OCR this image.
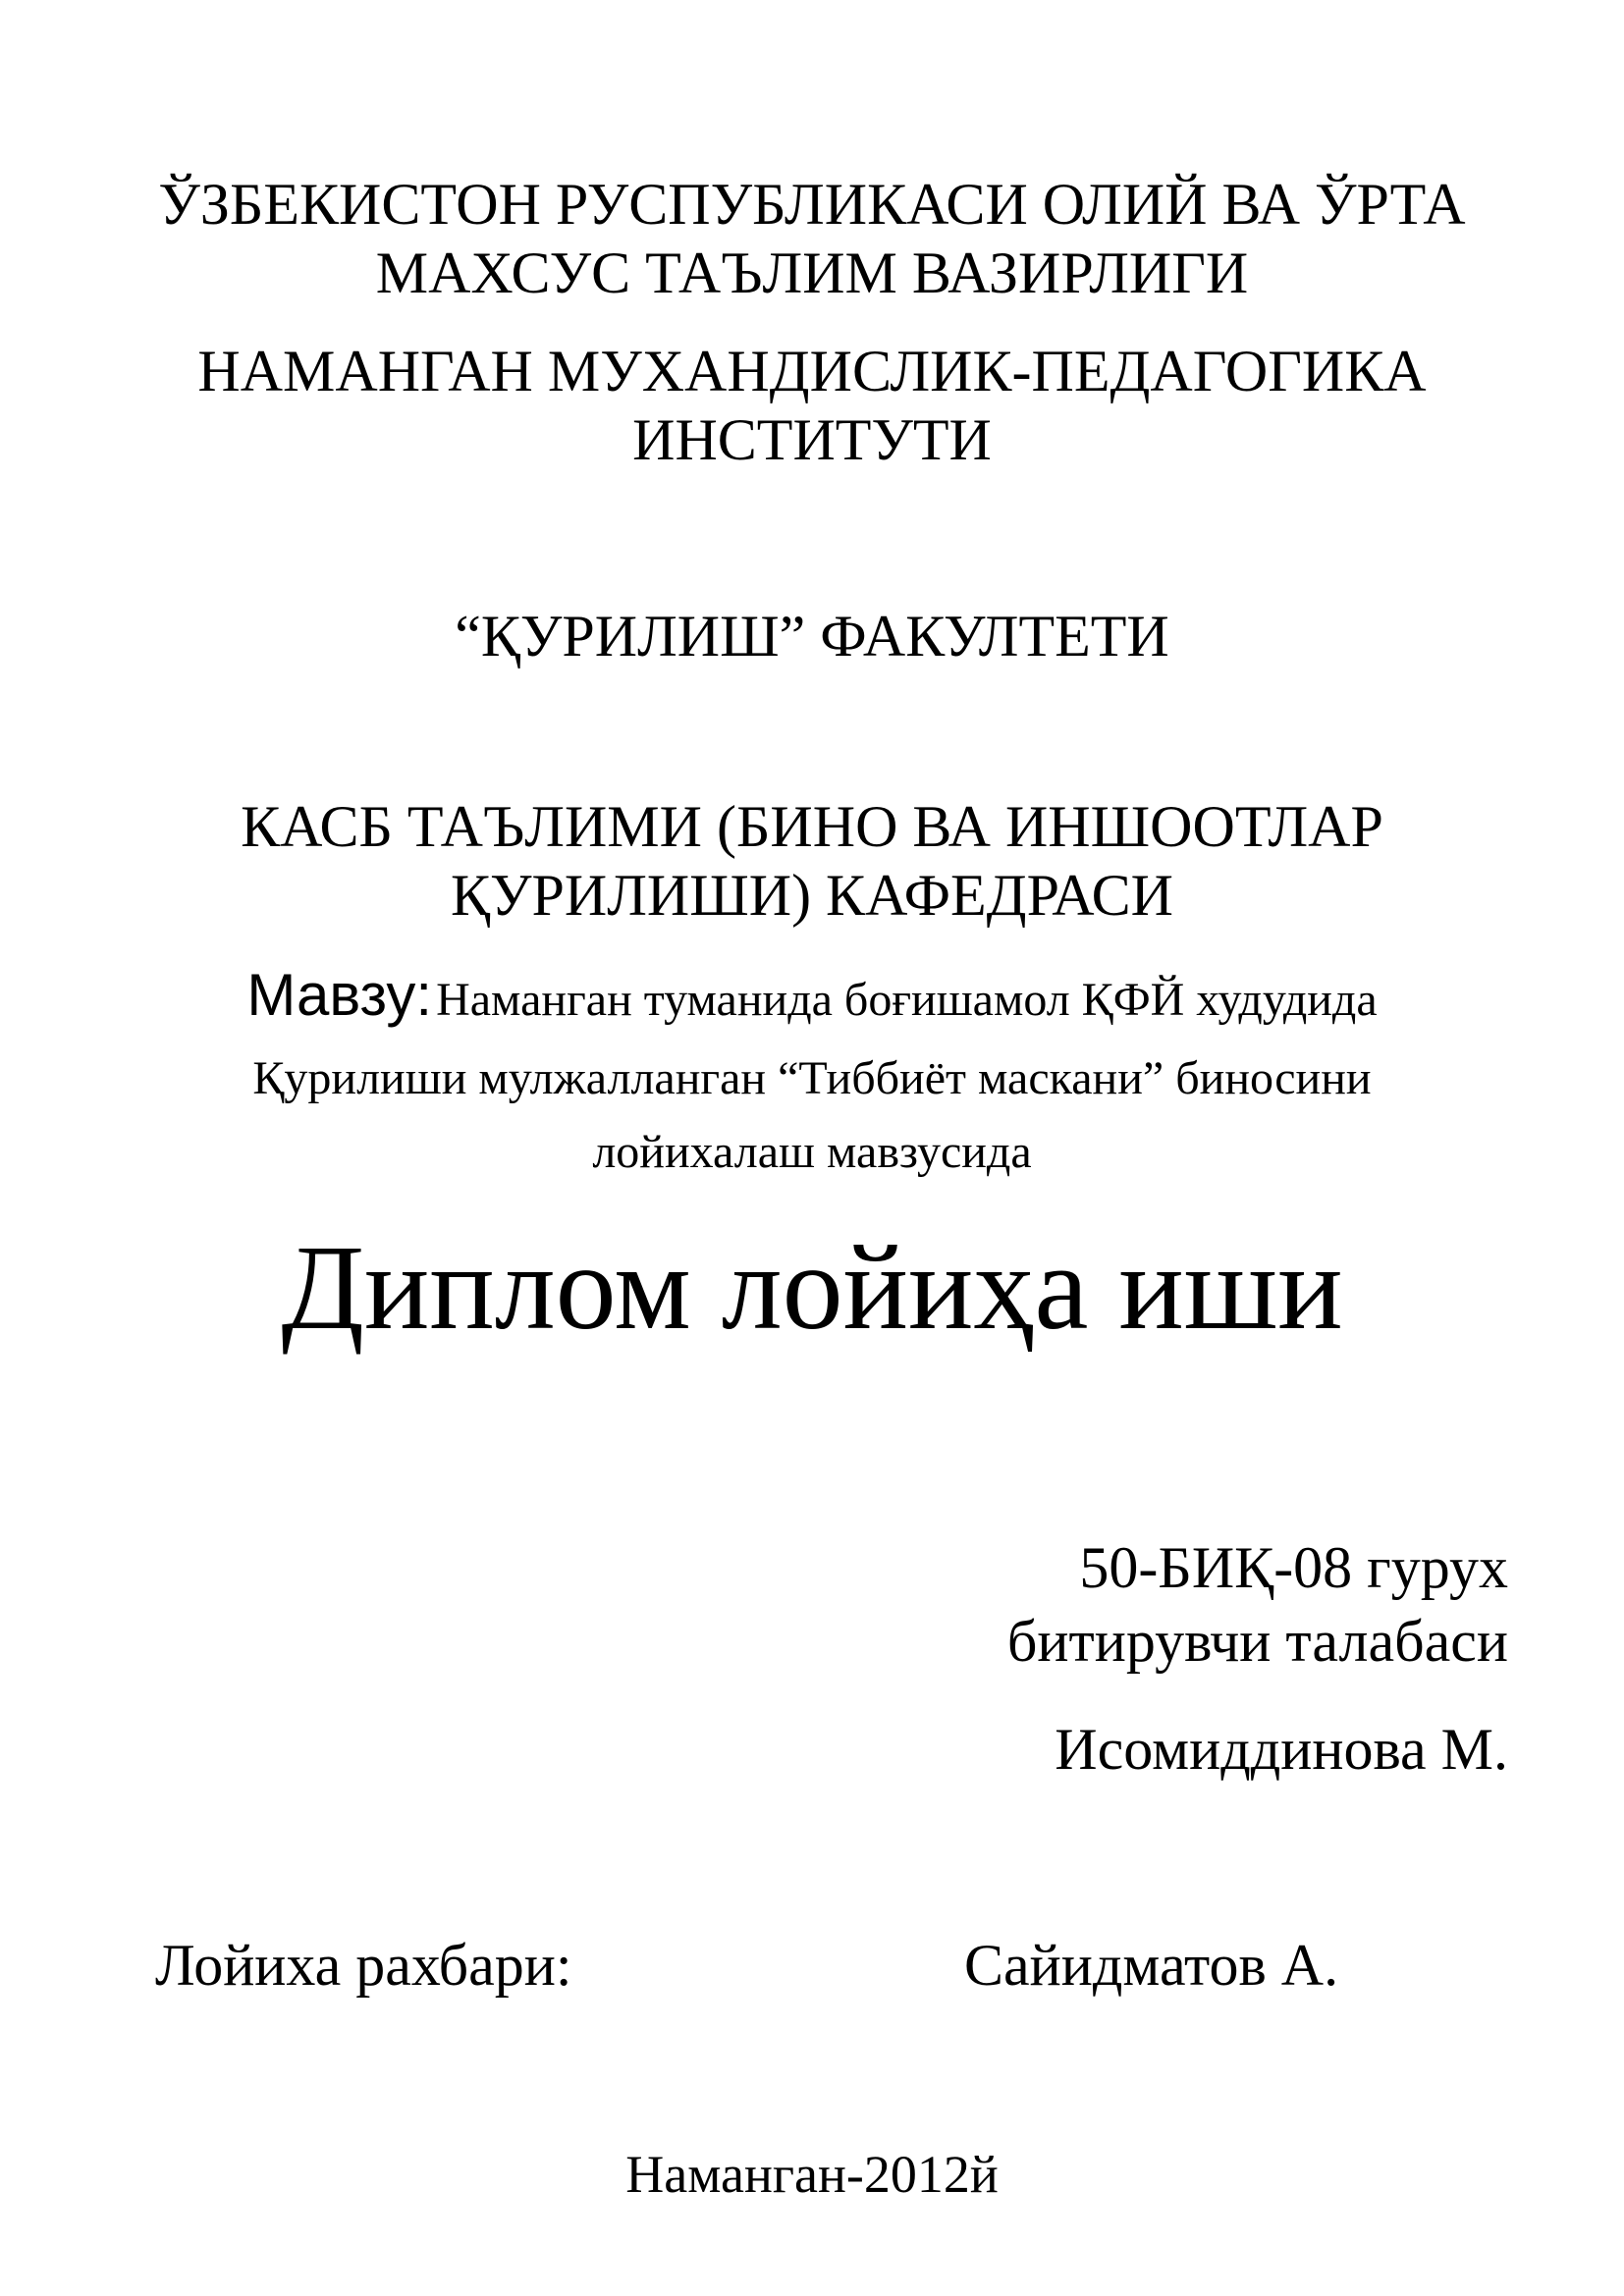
ЎЗБЕКИСТОН РУСПУБЛИКАСИ ОЛИЙ ВА ЎРТА
МАХСУС ТАЪЛИМ ВАЗИРЛИГИ
НАМАНГАН МУХАНДИСЛИК-ПЕДАГОГИКА
ИНСТИТУТИ
“ҚУРИЛИШ” ФАКУЛТЕТИ
КАСБ ТАЪЛИМИ (БИНО ВА ИНШООТЛАР
ҚУРИЛИШИ) КАФЕДРАСИ
Мавзу: Наманган туманида боғишамол ҚФЙ худудида
Қурилиши мулжалланган “Тиббиёт маскани” биносини
лойихалаш мавзусида
Диплом лойиҳа иши
50-БИҚ-08 гурух
битирувчи талабаси
Исомиддинова М.
Лойиха рахбари:	Сайидматов А.
Наманган-2012й
